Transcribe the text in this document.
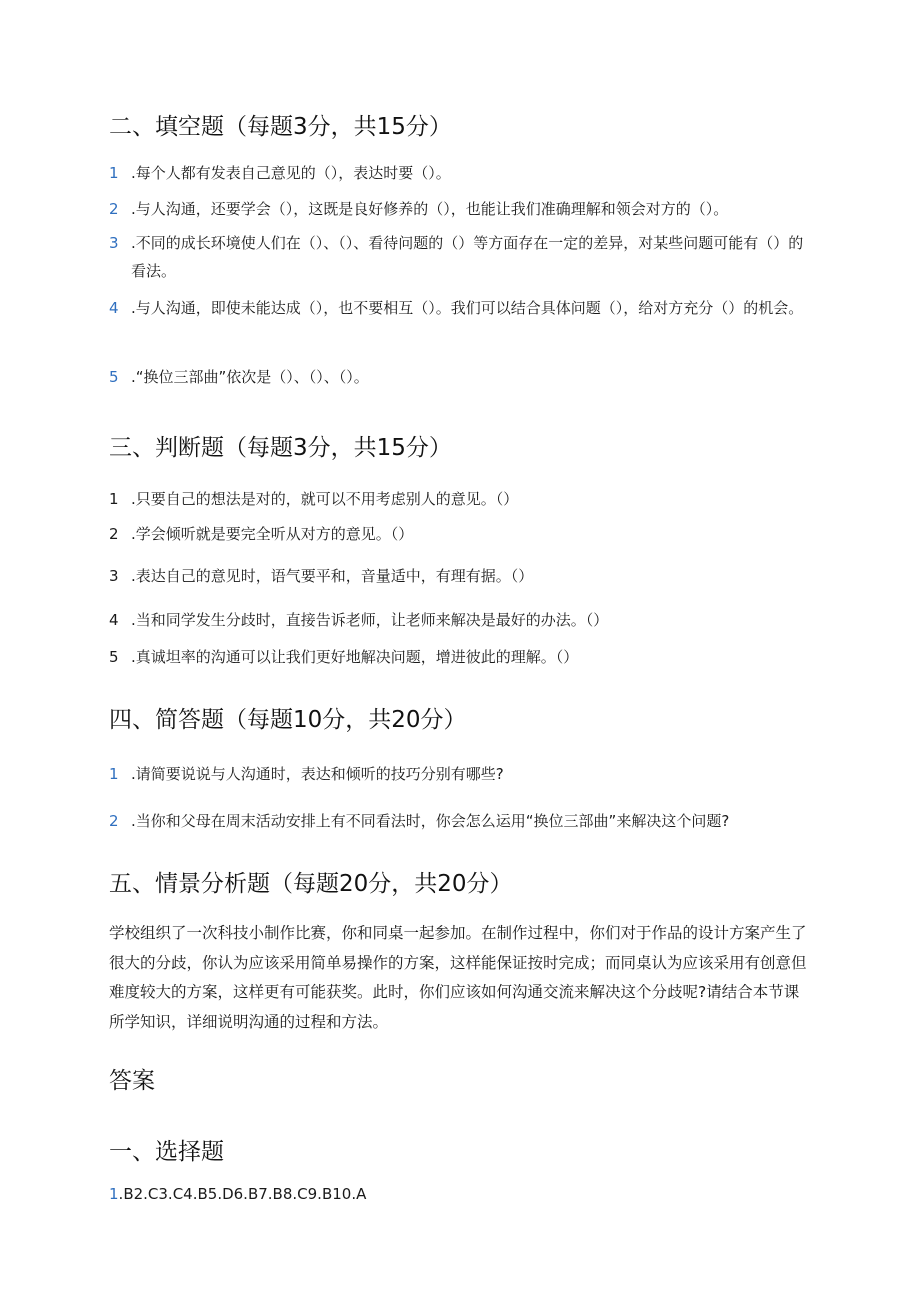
二、填空题（每题3分，共15分）
1 .每个人都有发表自己意见的（），表达时要（）。
2 .与人沟通，还要学会（），这既是良好修养的（），也能让我们准确理解和领会对方的（）。
3 .不同的成长环境使人们在（）、（）、看待问题的（）等方面存在一定的差异，对某些问题可能有（）的看法。
4 .与人沟通，即使未能达成（），也不要相互（）。我们可以结合具体问题（），给对方充分（）的机会。
5 .“换位三部曲”依次是（）、（）、（）。
三、判断题（每题3分，共15分）
1 .只要自己的想法是对的，就可以不用考虑别人的意见。（）
2 .学会倾听就是要完全听从对方的意见。（）
3 .表达自己的意见时，语气要平和，音量适中，有理有据。（）
4 .当和同学发生分歧时，直接告诉老师，让老师来解决是最好的办法。（）
5 .真诚坦率的沟通可以让我们更好地解决问题，增进彼此的理解。（）
四、简答题（每题10分，共20分）
1 .请简要说说与人沟通时，表达和倾听的技巧分别有哪些?
2 .当你和父母在周末活动安排上有不同看法时，你会怎么运用“换位三部曲”来解决这个问题?
五、情景分析题（每题20分，共20分）
学校组织了一次科技小制作比赛，你和同桌一起参加。在制作过程中，你们对于作品的设计方案产生了很大的分歧，你认为应该采用简单易操作的方案，这样能保证按时完成；而同桌认为应该采用有创意但难度较大的方案，这样更有可能获奖。此时，你们应该如何沟通交流来解决这个分歧呢?请结合本节课所学知识，详细说明沟通的过程和方法。
答案
一、选择题
1.B2.C3.C4.B5.D6.B7.B8.C9.B10.A
